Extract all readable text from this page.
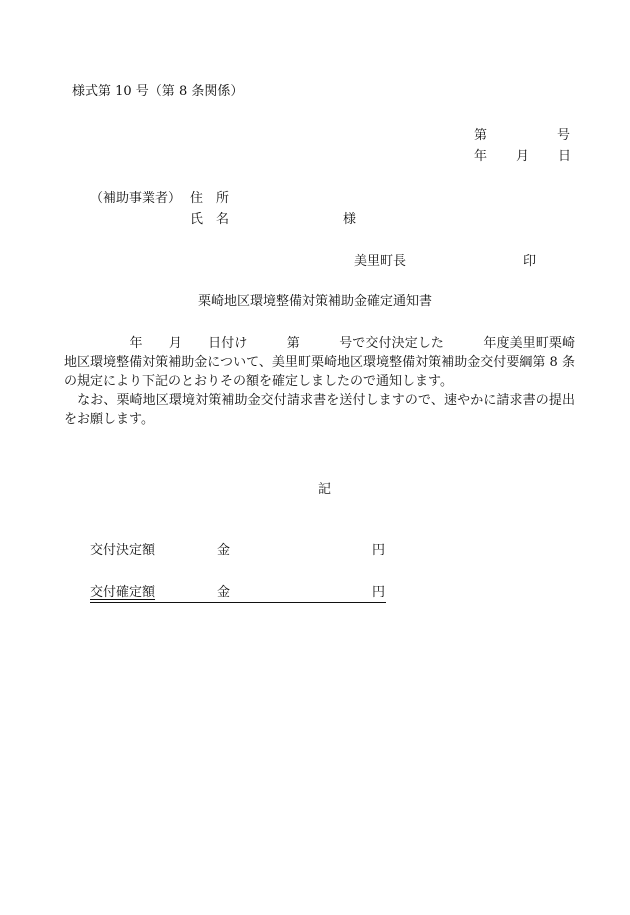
様式第 10 号（第 8 条関係）
第	号
年 月 日
（補助事業者） 住　所
氏　名	様
美里町長	印
栗崎地区環境整備対策補助金確定通知書

　　　　　年　　月　　日付け　　　第　　　号で交付決定した　　　年度美里町栗崎地区環境整備対策補助金について、美里町栗崎地区環境整備対策補助金交付要綱第 8 条の規定により下記のとおりその額を確定しましたので通知します。

　なお、栗崎地区環境対策補助金交付請求書を送付しますので、速やかに請求書の提出をお願します。

記
交付決定額	金	円
交付確定額	金	円
